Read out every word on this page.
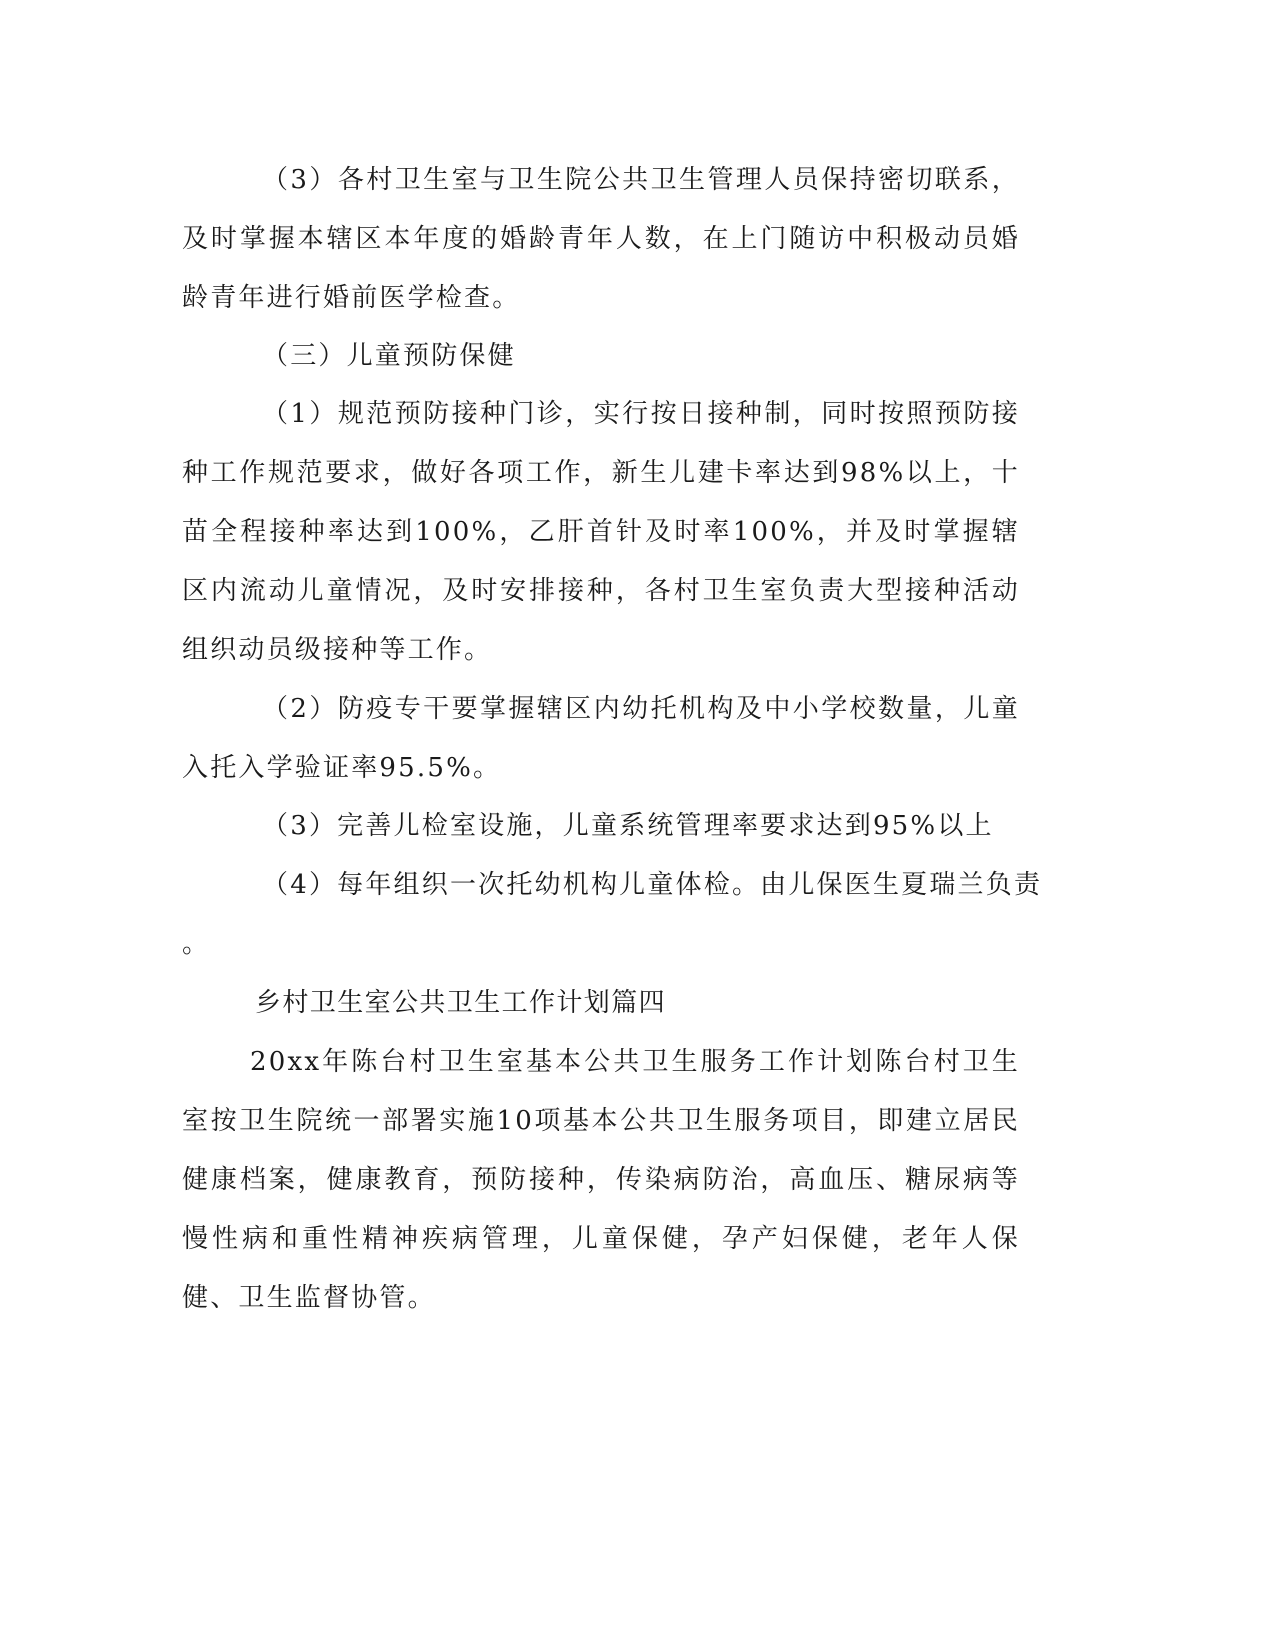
（3）各村卫生室与卫生院公共卫生管理人员保持密切联系，及时掌握本辖区本年度的婚龄青年人数，在上门随访中积极动员婚龄青年进行婚前医学检查。

（三）儿童预防保健

（1）规范预防接种门诊，实行按日接种制，同时按照预防接种工作规范要求，做好各项工作，新生儿建卡率达到98%以上，十苗全程接种率达到100%，乙肝首针及时率100%，并及时掌握辖区内流动儿童情况，及时安排接种，各村卫生室负责大型接种活动组织动员级接种等工作。

（2）防疫专干要掌握辖区内幼托机构及中小学校数量，儿童入托入学验证率95.5%。

（3）完善儿检室设施，儿童系统管理率要求达到95%以上

（4）每年组织一次托幼机构儿童体检。由儿保医生夏瑞兰负责

。

乡村卫生室公共卫生工作计划篇四

20xx年陈台村卫生室基本公共卫生服务工作计划陈台村卫生室按卫生院统一部署实施10项基本公共卫生服务项目，即建立居民健康档案，健康教育，预防接种，传染病防治，高血压、糖尿病等慢性病和重性精神疾病管理，儿童保健，孕产妇保健，老年人保健、卫生监督协管。
